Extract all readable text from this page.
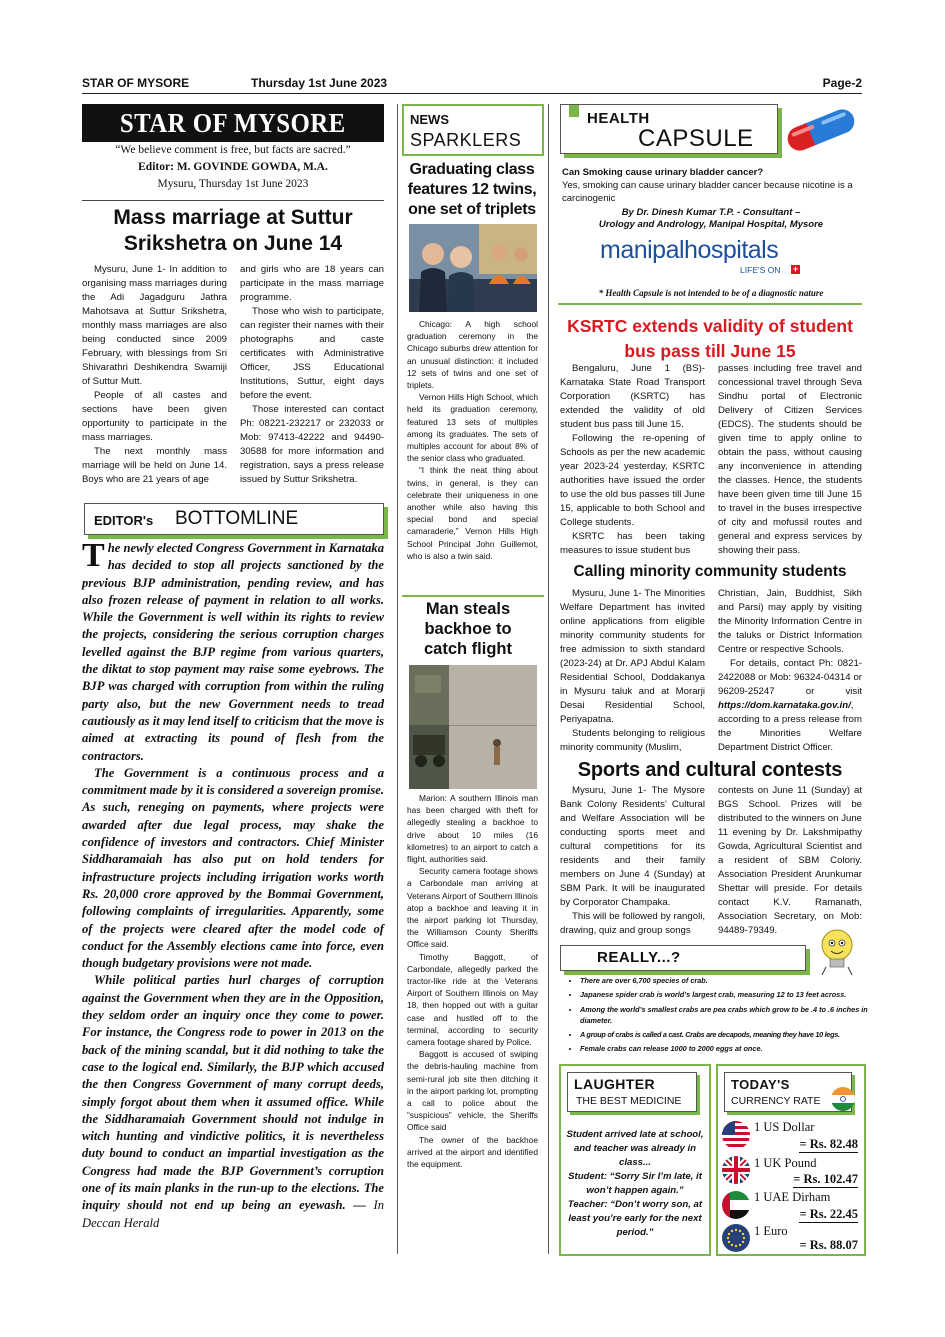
STAR OF MYSORE	Thursday 1st June 2023	Page-2
STAR OF MYSORE
“We believe comment is free, but facts are sacred.”
Editor: M. GOVINDE GOWDA, M.A.
Mysuru, Thursday 1st June 2023
Mass marriage at Suttur
Srikshetra on June 14

Mysuru, June 1- In addition to organising mass marriages during the Adi Jagadguru Jathra Mahotsava at Suttur Srikshetra, monthly mass marriages are also being conducted since 2009 February, with blessings from Sri Shivarathri Deshikendra Swamiji of Suttur Mutt.

People of all castes and sections have been given opportunity to participate in the mass marriages.

The next monthly mass marriage will be held on June 14. Boys who are 21 years of age

and girls who are 18 years can participate in the mass marriage programme.

Those who wish to participate, can register their names with their photographs and caste certificates with Administrative Officer, JSS Educational Institutions, Suttur, eight days before the event.

Those interested can contact Ph: 08221-232217 or 232033 or Mob: 97413-42222 and 94490-30588 for more information and registration, says a press release issued by Suttur Srikshetra.

EDITOR's BOTTOMLINE

The newly elected Congress Government in Karnataka has decided to stop all projects sanctioned by the previous BJP administration, pending review, and has also frozen release of payment in relation to all works. While the Government is well within its rights to review the projects, considering the serious corruption charges levelled against the BJP regime from various quarters, the diktat to stop payment may raise some eyebrows. The BJP was charged with corruption from within the ruling party also, but the new Government needs to tread cautiously as it may lend itself to criticism that the move is aimed at extracting its pound of flesh from the contractors.

The Government is a continuous process and a commitment made by it is considered a sovereign promise. As such, reneging on payments, where projects were awarded after due legal process, may shake the confidence of investors and contractors. Chief Minister Siddharamaiah has also put on hold tenders for infrastructure projects including irrigation works worth Rs. 20,000 crore approved by the Bommai Government, following complaints of irregularities. Apparently, some of the projects were cleared after the model code of conduct for the Assembly elections came into force, even though budgetary provisions were not made.

While political parties hurl charges of corruption against the Government when they are in the Opposition, they seldom order an inquiry once they come to power. For instance, the Congress rode to power in 2013 on the back of the mining scandal, but it did nothing to take the case to the logical end. Similarly, the BJP which accused the then Congress Government of many corrupt deeds, simply forgot about them when it assumed office. While the Siddharamaiah Government should not indulge in witch hunting and vindictive politics, it is nevertheless duty bound to conduct an impartial investigation as the Congress had made the BJP Government’s corruption one of its main planks in the run-up to the elections. The inquiry should not end up being an eyewash. — In Deccan Herald

NEWS
SPARKLERS
Graduating class features 12 twins, one set of triplets

Chicago: A high school graduation ceremony in the Chicago suburbs drew attention for an unusual distinction: it included 12 sets of twins and one set of triplets.

Vernon Hills High School, which held its graduation ceremony, featured 13 sets of multiples among its graduates. The sets of multiples account for about 8% of the senior class who graduated.

“I think the neat thing about twins, in general, is they can celebrate their uniqueness in one another while also having this special bond and special camaraderie,” Vernon Hills High School Principal John Guillemot, who is also a twin said.

Man steals backhoe to catch flight

Marion: A southern Illinois man has been charged with theft for allegedly stealing a backhoe to drive about 10 miles (16 kilometres) to an airport to catch a flight, authorities said.

Security camera footage shows a Carbondale man arriving at Veterans Airport of Southern Illinois atop a backhoe and leaving it in the airport parking lot Thursday, the Williamson County Sheriffs Office said.

Timothy Baggott, of Carbondale, allegedly parked the tractor-like ride at the Veterans Airport of Southern Illinois on May 18, then hopped out with a guitar case and hustled off to the terminal, according to security camera footage shared by Police.

Baggott is accused of swiping the debris-hauling machine from semi-rural job site then ditching it in the airport parking lot, prompting a call to police about the “suspicious” vehicle, the Sheriffs Office said

The owner of the backhoe arrived at the airport and identified the equipment.

HEALTH
CAPSULE
Can Smoking cause urinary bladder cancer?
Yes, smoking can cause urinary bladder cancer because nicotine is a carcinogenic
By Dr. Dinesh Kumar T.P. - Consultant –
Urology and Andrology, Manipal Hospital, Mysore
manipalhospitals
LIFE'S ON +
* Health Capsule is not intended to be of a diagnostic nature
KSRTC extends validity of student
bus pass till June 15

Bengaluru, June 1 (BS)- Karnataka State Road Transport Corporation (KSRTC) has extended the validity of old student bus pass till June 15.

Following the re-opening of Schools as per the new academic year 2023-24 yesterday, KSRTC authorities have issued the order to use the old bus passes till June 15, applicable to both School and College students.

KSRTC has been taking measures to issue student bus

passes including free travel and concessional travel through Seva Sindhu portal of Electronic Delivery of Citizen Services (EDCS). The students should be given time to apply online to obtain the pass, without causing any inconvenience in attending the classes. Hence, the students have been given time till June 15 to travel in the buses irrespective of city and mofussil routes and general and express services by showing their pass.

Calling minority community students

Mysuru, June 1- The Minorities Welfare Department has invited online applications from eligible minority community students for free admission to sixth standard (2023-24) at Dr. APJ Abdul Kalam Residential School, Doddakanya in Mysuru taluk and at Morarji Desai Residential School, Periyapatna.

Students belonging to religious minority community (Muslim,

Christian, Jain, Buddhist, Sikh and Parsi) may apply by visiting the Minority Information Centre in the taluks or District Information Centre or respective Schools.

For details, contact Ph: 0821-2422088 or Mob: 96324-04314 or 96209-25247 or visit https://dom.karnataka.gov.in/, according to a press release from the Minorities Welfare Department District Officer.

Sports and cultural contests

Mysuru, June 1- The Mysore Bank Colony Residents’ Cultural and Welfare Association will be conducting sports meet and cultural competitions for its residents and their family members on June 4 (Sunday) at SBM Park. It will be inaugurated by Corporator Champaka.

This will be followed by rangoli, drawing, quiz and group songs

contests on June 11 (Sunday) at BGS School. Prizes will be distributed to the winners on June 11 evening by Dr. Lakshmipathy Gowda, Agricultural Scientist and a resident of SBM Colony. Association President Arunkumar Shettar will preside. For details contact K.V. Ramanath, Association Secretary, on Mob: 94489-79349.

REALLY...?
• There are over 6,700 species of crab.
• Japanese spider crab is world’s largest crab, measuring 12 to 13 feet across.
• Among the world’s smallest crabs are pea crabs which grow to be .4 to .6 inches in diameter.
• A group of crabs is called a cast. Crabs are decapods, meaning they have 10 legs.
• Female crabs can release 1000 to 2000 eggs at once.
LAUGHTER
THE BEST MEDICINE
Student arrived late at school, and teacher was already in class...
Student: “Sorry Sir I’m late, it won’t happen again.”
Teacher: “Don’t worry son, at least you’re early for the next period.”
TODAY'S
CURRENCY RATE
1 US Dollar
= Rs. 82.48
1 UK Pound
= Rs. 102.47
1 UAE Dirham
= Rs. 22.45
1 Euro
= Rs. 88.07
